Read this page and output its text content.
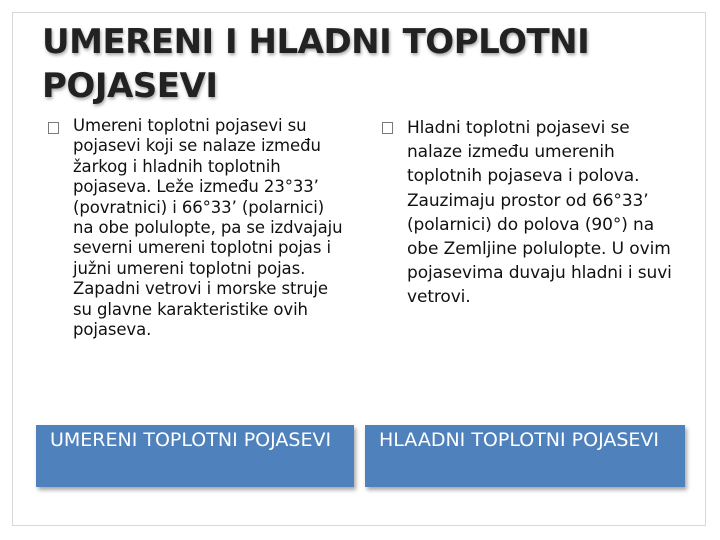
UMERENI I HLADNI TOPLOTNI POJASEVI
Umereni toplotni pojasevi su pojasevi koji se nalaze između žarkog i hladnih toplotnih pojaseva. Leže između 23°33’ (povratnici) i 66°33’ (polarnici) na obe polulopte, pa se izdvajaju severni umereni toplotni pojas i južni umereni toplotni pojas. Zapadni vetrovi i morske struje su glavne karakteristike ovih pojaseva.
Hladni toplotni pojasevi se nalaze između umerenih toplotnih pojaseva i polova. Zauzimaju prostor od 66°33’ (polarnici) do polova (90°) na obe Zemljine polulopte. U ovim pojasevima duvaju hladni i suvi vetrovi.
UMERENI TOPLOTNI POJASEVI	HLAADNI TOPLOTNI POJASEVI
